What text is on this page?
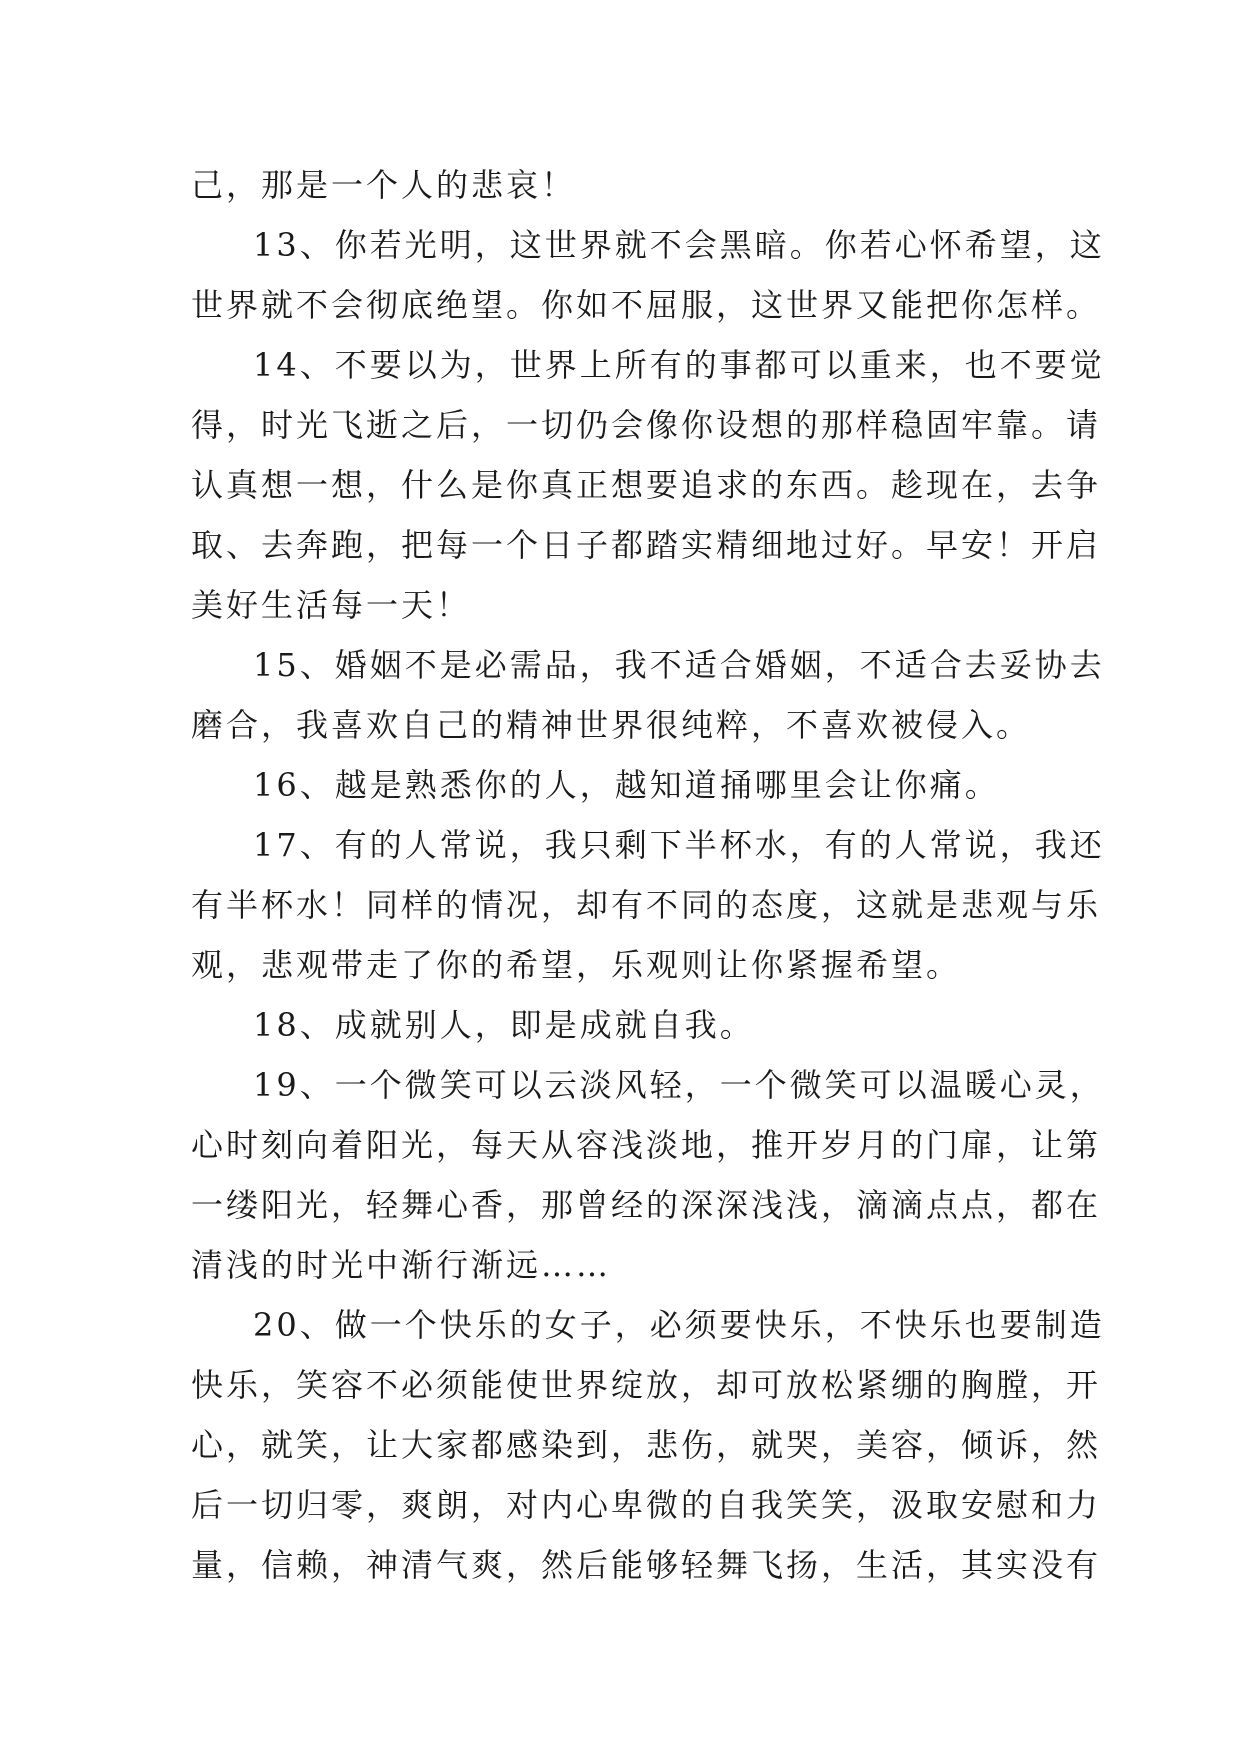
己，那是一个人的悲哀！
13、你若光明，这世界就不会黑暗。你若心怀希望，这
世界就不会彻底绝望。你如不屈服，这世界又能把你怎样。
14、不要以为，世界上所有的事都可以重来，也不要觉
得，时光飞逝之后，一切仍会像你设想的那样稳固牢靠。请
认真想一想，什么是你真正想要追求的东西。趁现在，去争
取、去奔跑，把每一个日子都踏实精细地过好。早安！开启
美好生活每一天！
15、婚姻不是必需品，我不适合婚姻，不适合去妥协去
磨合，我喜欢自己的精神世界很纯粹，不喜欢被侵入。
16、越是熟悉你的人，越知道捅哪里会让你痛。
17、有的人常说，我只剩下半杯水，有的人常说，我还
有半杯水！同样的情况，却有不同的态度，这就是悲观与乐
观，悲观带走了你的希望，乐观则让你紧握希望。
18、成就别人，即是成就自我。
19、一个微笑可以云淡风轻，一个微笑可以温暖心灵，
心时刻向着阳光，每天从容浅淡地，推开岁月的门扉，让第
一缕阳光，轻舞心香，那曾经的深深浅浅，滴滴点点，都在
清浅的时光中渐行渐远……
20、做一个快乐的女子，必须要快乐，不快乐也要制造
快乐，笑容不必须能使世界绽放，却可放松紧绷的胸膛，开
心，就笑，让大家都感染到，悲伤，就哭，美容，倾诉，然
后一切归零，爽朗，对内心卑微的自我笑笑，汲取安慰和力
量，信赖，神清气爽，然后能够轻舞飞扬，生活，其实没有
